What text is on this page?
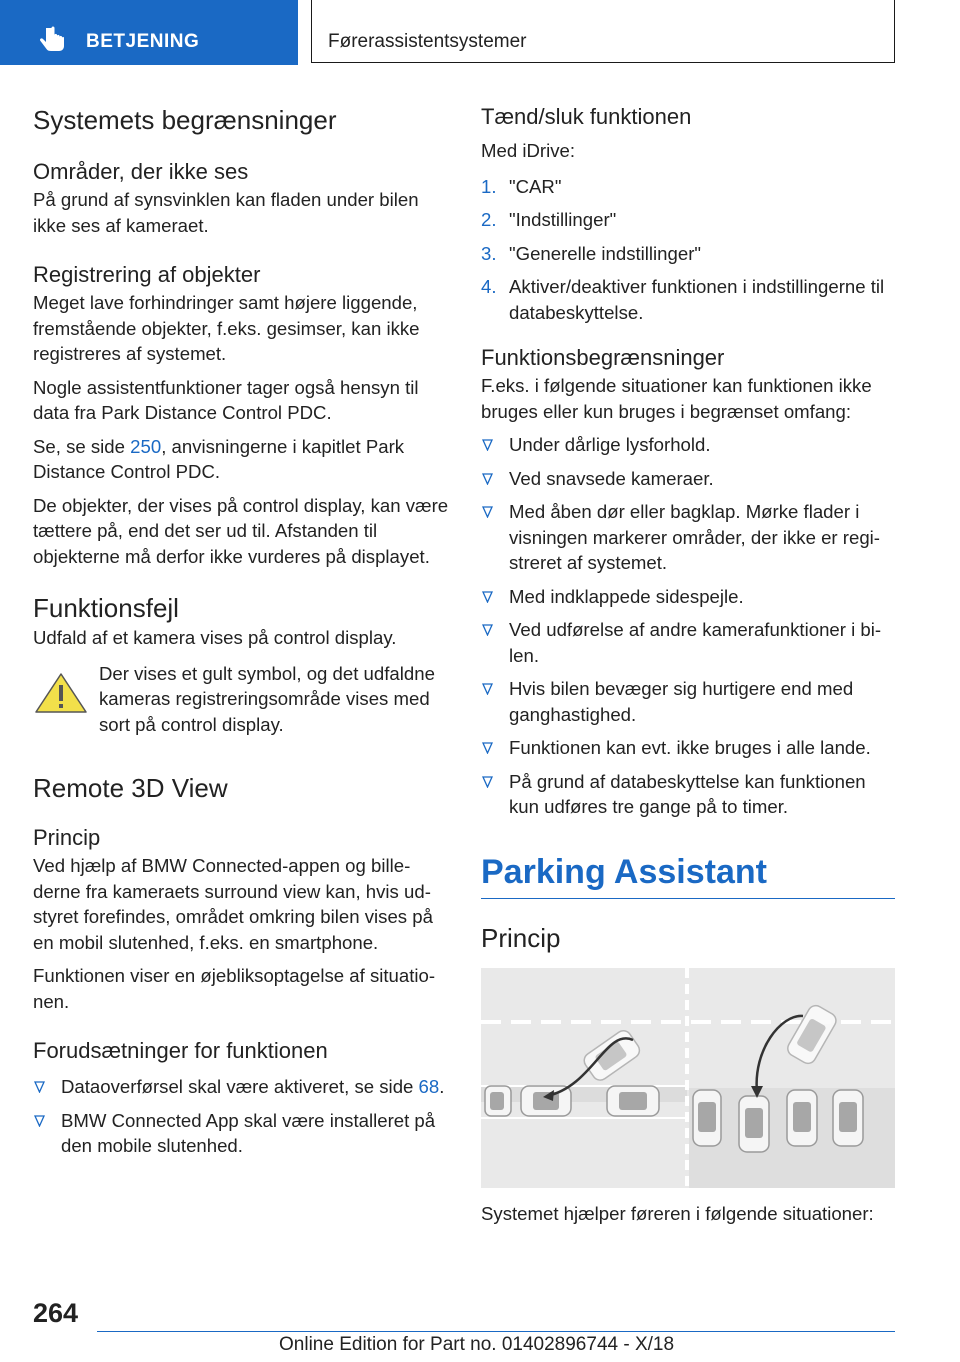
BETJENING	Førerassistentsystemer
Systemets begrænsninger
Områder, der ikke ses

På grund af synsvinklen kan fladen under bilen ikke ses af kameraet.

Registrering af objekter

Meget lave forhindringer samt højere liggende, fremstående objekter, f.eks. gesimser, kan ikke registreres af systemet.

Nogle assistentfunktioner tager også hensyn til data fra Park Distance Control PDC.

Se, se side 250, anvisningerne i kapitlet Park Distance Control PDC.

De objekter, der vises på control display, kan være tættere på, end det ser ud til. Afstanden til objekterne må derfor ikke vurderes på displayet.

Funktionsfejl

Udfald af et kamera vises på control display.

Der vises et gult symbol, og det udfaldne kameras registreringsområde vises med sort på control display.

Remote 3D View
Princip

Ved hjælp af BMW Connected-appen og billederne fra kameraets surround view kan, hvis udstyret forefindes, området omkring bilen vises på en mobil slutenhed, f.eks. en smartphone.

Funktionen viser en øjebliksoptagelse af situationen.

Forudsætninger for funktionen
Dataoverførsel skal være aktiveret, se side 68.
BMW Connected App skal være installeret på den mobile slutenhed.
Tænd/sluk funktionen

Med iDrive:

1. "CAR"
2. "Indstillinger"
3. "Generelle indstillinger"
4. Aktiver/deaktiver funktionen i indstillingerne til databeskyttelse.
Funktionsbegrænsninger

F.eks. i følgende situationer kan funktionen ikke bruges eller kun bruges i begrænset omfang:

Under dårlige lysforhold.
Ved snavsede kameraer.
Med åben dør eller bagklap. Mørke flader i visningen markerer områder, der ikke er registreret af systemet.
Med indklappede sidespejle.
Ved udførelse af andre kamerafunktioner i bilen.
Hvis bilen bevæger sig hurtigere end med ganghastighed.
Funktionen kan evt. ikke bruges i alle lande.
På grund af databeskyttelse kan funktionen kun udføres tre gange på to timer.
Parking Assistant
Princip

Systemet hjælper føreren i følgende situationer:

264
Online Edition for Part no. 01402896744 - X/18
